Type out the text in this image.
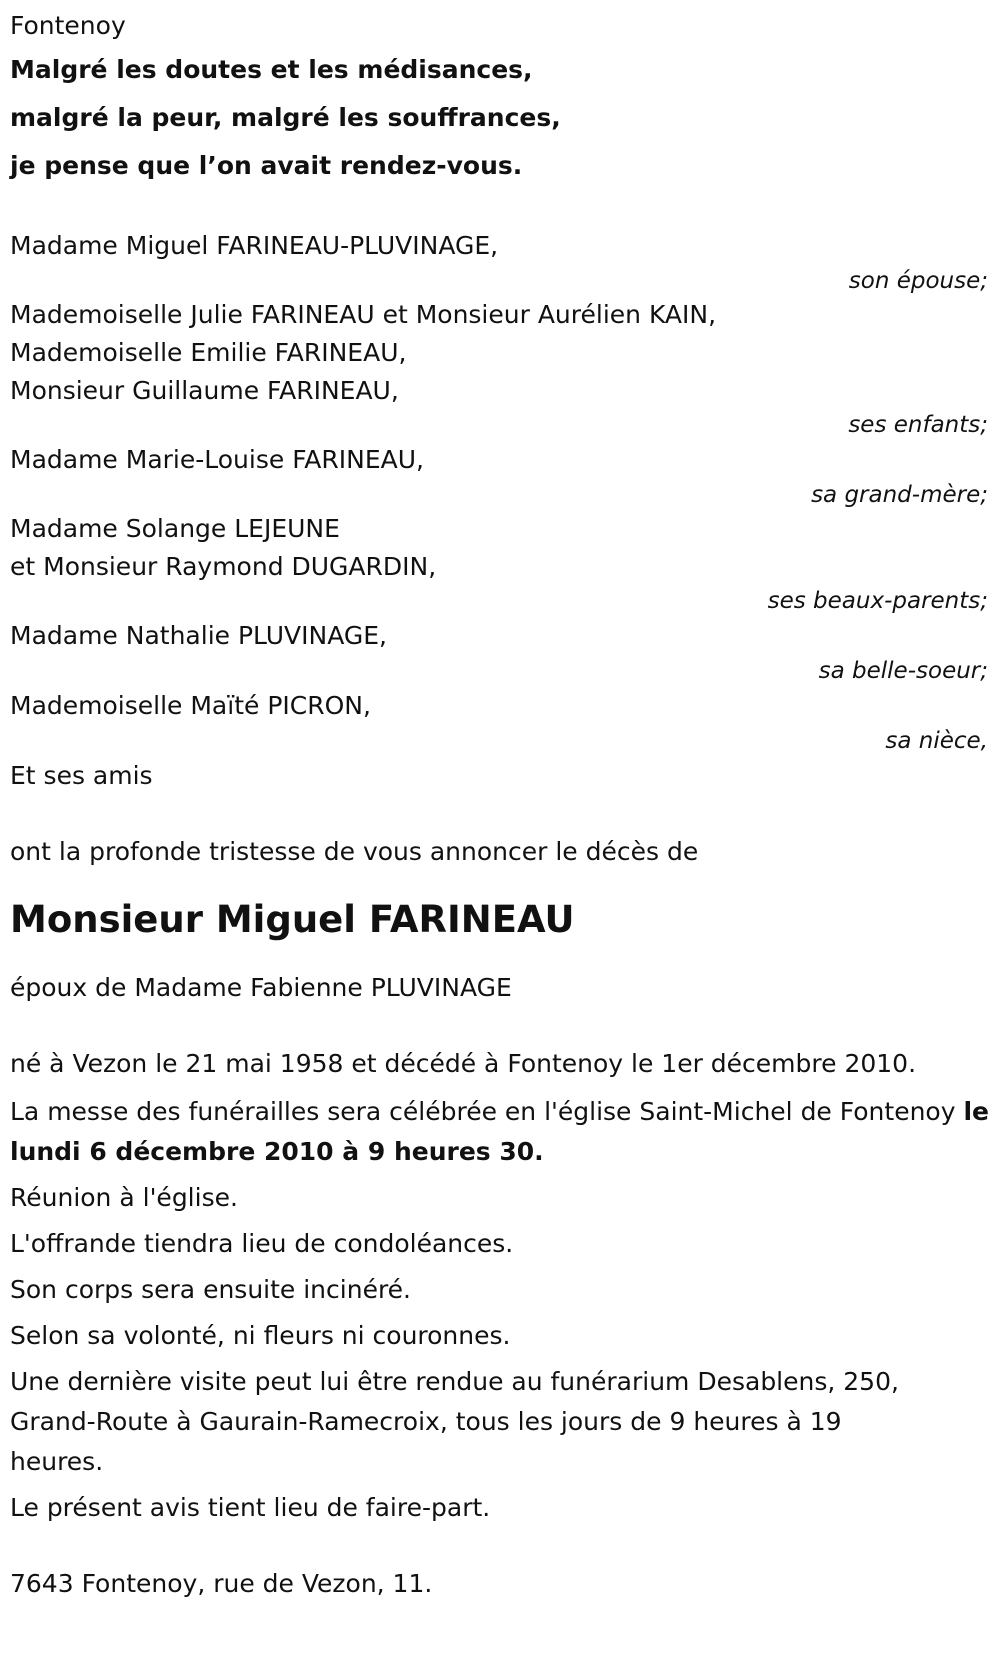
Fontenoy
Malgré les doutes et les médisances,
malgré la peur, malgré les souffrances,
je pense que l’on avait rendez-vous.
Madame Miguel FARINEAU-PLUVINAGE,
son épouse;
Mademoiselle Julie FARINEAU et Monsieur Aurélien KAIN,
Mademoiselle Emilie FARINEAU,
Monsieur Guillaume FARINEAU,
ses enfants;
Madame Marie-Louise FARINEAU,
sa grand-mère;
Madame Solange LEJEUNE
et Monsieur Raymond DUGARDIN,
ses beaux-parents;
Madame Nathalie PLUVINAGE,
sa belle-soeur;
Mademoiselle Maïté PICRON,
sa nièce,
Et ses amis
ont la profonde tristesse de vous annoncer le décès de
Monsieur Miguel FARINEAU
époux de Madame Fabienne PLUVINAGE
né à Vezon le 21 mai 1958 et décédé à Fontenoy le 1er décembre 2010.
La messe des funérailles sera célébrée en l'église Saint-Michel de Fontenoy le lundi 6 décembre 2010 à 9 heures 30.
Réunion à l'église.
L'offrande tiendra lieu de condoléances.
Son corps sera ensuite incinéré.
Selon sa volonté, ni fleurs ni couronnes.
Une dernière visite peut lui être rendue au funérarium Desablens, 250, Grand-Route à Gaurain-Ramecroix, tous les jours de 9 heures à 19 heures.
Le présent avis tient lieu de faire-part.
7643 Fontenoy, rue de Vezon, 11.
